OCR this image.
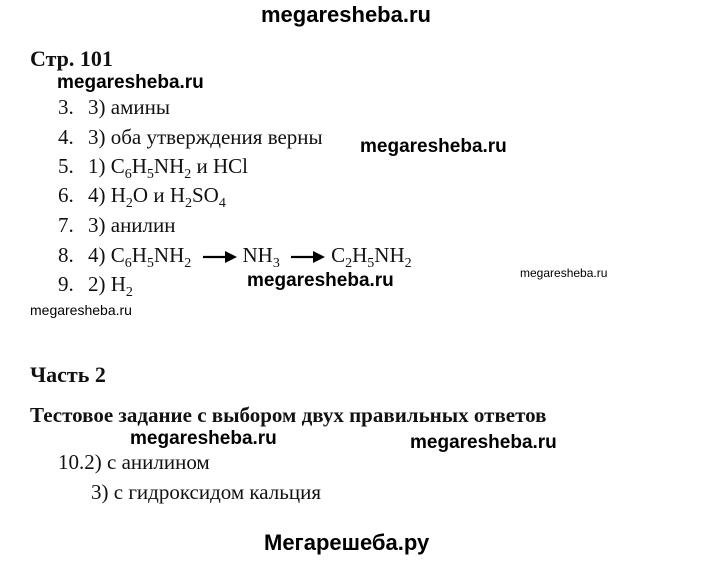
megaresheba.ru
Стр. 101
megaresheba.ru
3. 3) амины
4. 3) оба утверждения верны megaresheba.ru
5. 1) $C_6H_5NH_2$ и HCl
6. 4) $H_2O$ и $H_2SO_4$
7. 3) анилин
8. 4) $C_6H_5NH_2 \to NH_3 \to C_2H_5NH_2$
megaresheba.ru
9. 2) $H_2$
megaresheba.ru
megaresheba.ru
Часть 2
Тестовое задание с выбором двух правильных ответов
megaresheba.ru	megaresheba.ru
10.2) с анилином
3) с гидроксидом кальция
Мегарешеба.ру
